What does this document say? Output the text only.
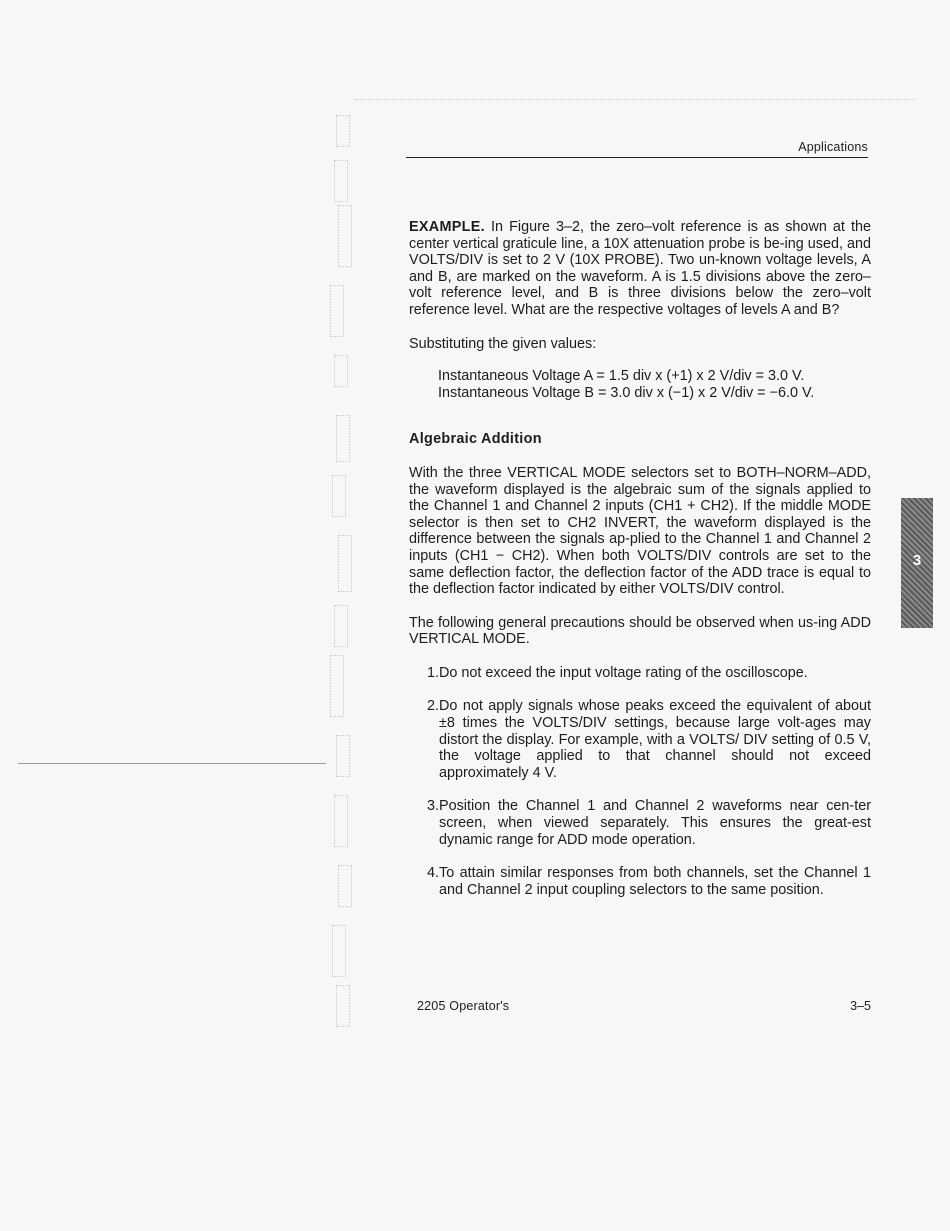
Applications

EXAMPLE. In Figure 3–2, the zero–volt reference is as shown at the center vertical graticule line, a 10X attenuation probe is be-ing used, and VOLTS/DIV is set to 2 V (10X PROBE). Two un-known voltage levels, A and B, are marked on the waveform. A is 1.5 divisions above the zero–volt reference level, and B is three divisions below the zero–volt reference level. What are the respective voltages of levels A and B?

Substituting the given values:

Instantaneous Voltage A = 1.5 div x (+1) x 2 V/div = 3.0 V.
Instantaneous Voltage B = 3.0 div x (−1) x 2 V/div = −6.0 V.

Algebraic Addition

With the three VERTICAL MODE selectors set to BOTH–NORM–ADD, the waveform displayed is the algebraic sum of the signals applied to the Channel 1 and Channel 2 inputs (CH1 + CH2). If the middle MODE selector is then set to CH2 INVERT, the waveform displayed is the difference between the signals ap-plied to the Channel 1 and Channel 2 inputs (CH1 − CH2). When both VOLTS/DIV controls are set to the same deflection factor, the deflection factor of the ADD trace is equal to the deflection factor indicated by either VOLTS/DIV control.

The following general precautions should be observed when us-ing ADD VERTICAL MODE.

1. Do not exceed the input voltage rating of the oscilloscope.
2. Do not apply signals whose peaks exceed the equivalent of about ±8 times the VOLTS/DIV settings, because large volt-ages may distort the display. For example, with a VOLTS/ DIV setting of 0.5 V, the voltage applied to that channel should not exceed approximately 4 V.
3. Position the Channel 1 and Channel 2 waveforms near cen-ter screen, when viewed separately. This ensures the great-est dynamic range for ADD mode operation.
4. To attain similar responses from both channels, set the Channel 1 and Channel 2 input coupling selectors to the same position.
2205 Operator's	3–5
3
